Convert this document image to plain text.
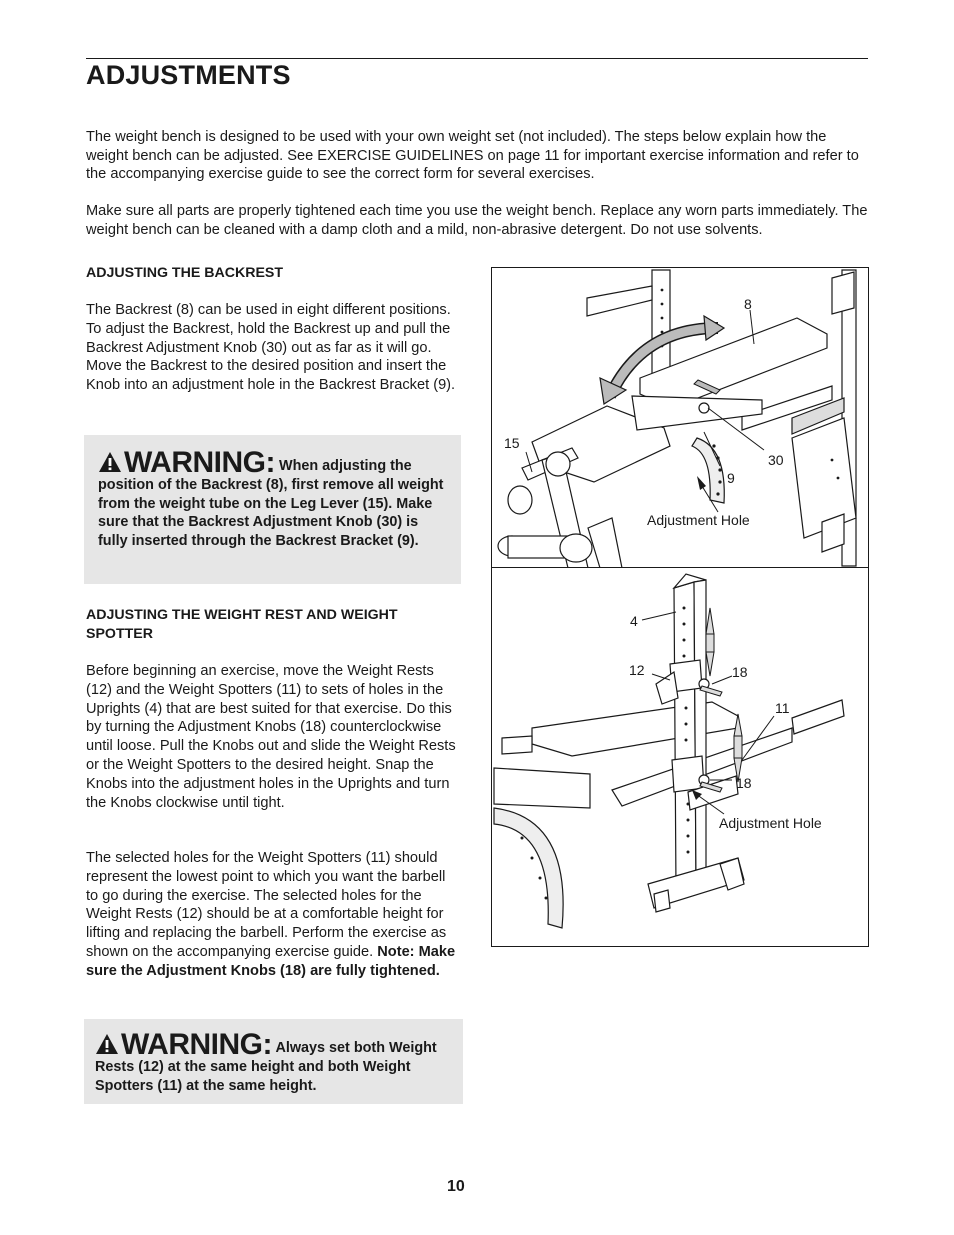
ADJUSTMENTS
The weight bench is designed to be used with your own weight set (not included). The steps below explain how the weight bench can be adjusted. See EXERCISE GUIDELINES on page 11 for important exercise information and refer to the accompanying exercise guide to see the correct form for several exercises.
Make sure all parts are properly tightened each time you use the weight bench. Replace any worn parts immediately. The weight bench can be cleaned with a damp cloth and a mild, non-abrasive detergent. Do not use solvents.
ADJUSTING THE BACKREST
The Backrest (8) can be used in eight different positions. To adjust the Backrest, hold the Backrest up and pull the Backrest Adjustment Knob (30) out as far as it will go. Move the Backrest to the desired position and insert the Knob into an adjustment hole in the Backrest Bracket (9).
WARNING: When adjusting the position of the Backrest (8), first remove all weight from the weight tube on the Leg Lever (15). Make sure that the Backrest Adjustment Knob (30) is fully inserted through the Backrest Bracket (9).
ADJUSTING THE WEIGHT REST AND WEIGHT SPOTTER
Before beginning an exercise, move the Weight Rests (12) and the Weight Spotters (11) to sets of holes in the Uprights (4) that are best suited for that exercise. Do this by turning the Adjustment Knobs (18) counterclockwise until loose. Pull the Knobs out and slide the Weight Rests or the Weight Spotters to the desired height. Snap the Knobs into the adjustment holes in the Uprights and turn the Knobs clockwise until tight.
The selected holes for the Weight Spotters (11) should represent the lowest point to which you want the barbell to go during the exercise. The selected holes for the Weight Rests (12) should be at a comfortable height for lifting and replacing the barbell. Perform the exercise as shown on the accompanying exercise guide. Note: Make sure the Adjustment Knobs (18) are fully tightened.
WARNING: Always set both Weight Rests (12) at the same height and both Weight Spotters (11) at the same height.
8
15
30
9
Adjustment Hole
4
12	18
11
18
Adjustment Hole
10
